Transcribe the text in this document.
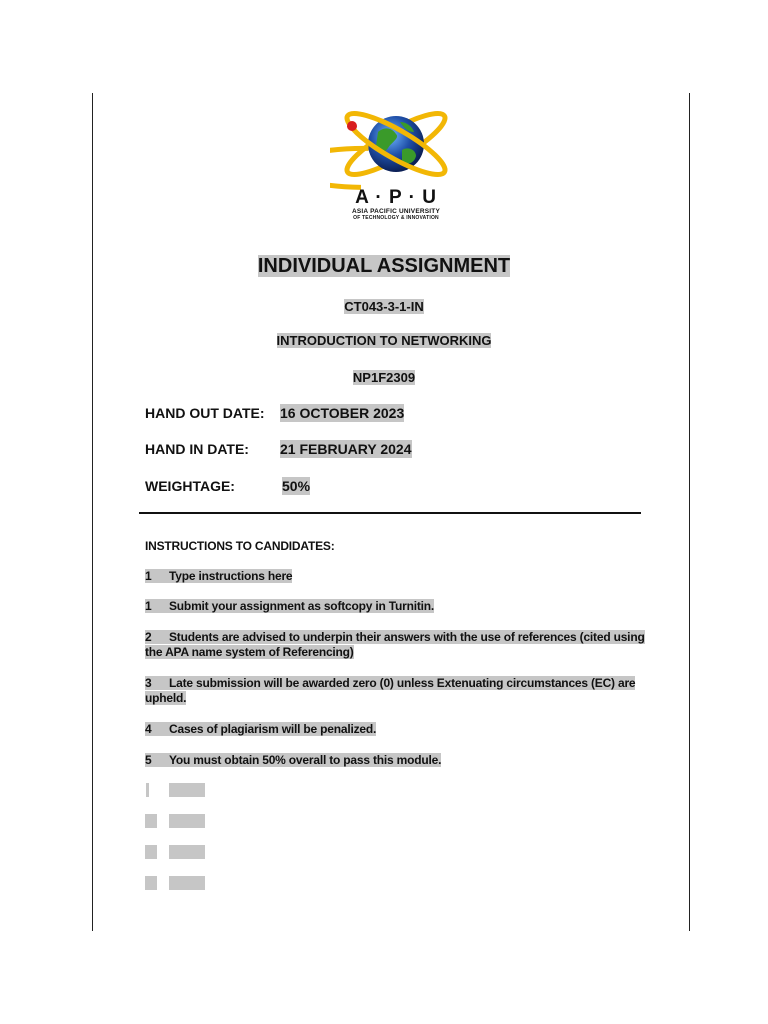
A · P · U
ASIA PACIFIC UNIVERSITY
OF TECHNOLOGY & INNOVATION
INDIVIDUAL ASSIGNMENT
CT043-3-1-IN
INTRODUCTION TO NETWORKING
NP1F2309
HAND OUT DATE: 16 OCTOBER 2023
HAND IN DATE: 21 FEBRUARY 2024
WEIGHTAGE:	50%
INSTRUCTIONS TO CANDIDATES:
1 Type instructions here
1 Submit your assignment as softcopy in Turnitin.
2 Students are advised to underpin their answers with the use of references (cited using the APA name system of Referencing)
3 Late submission will be awarded zero (0) unless Extenuating circumstances (EC) are upheld.
4 Cases of plagiarism will be penalized.
5 You must obtain 50% overall to pass this module.
